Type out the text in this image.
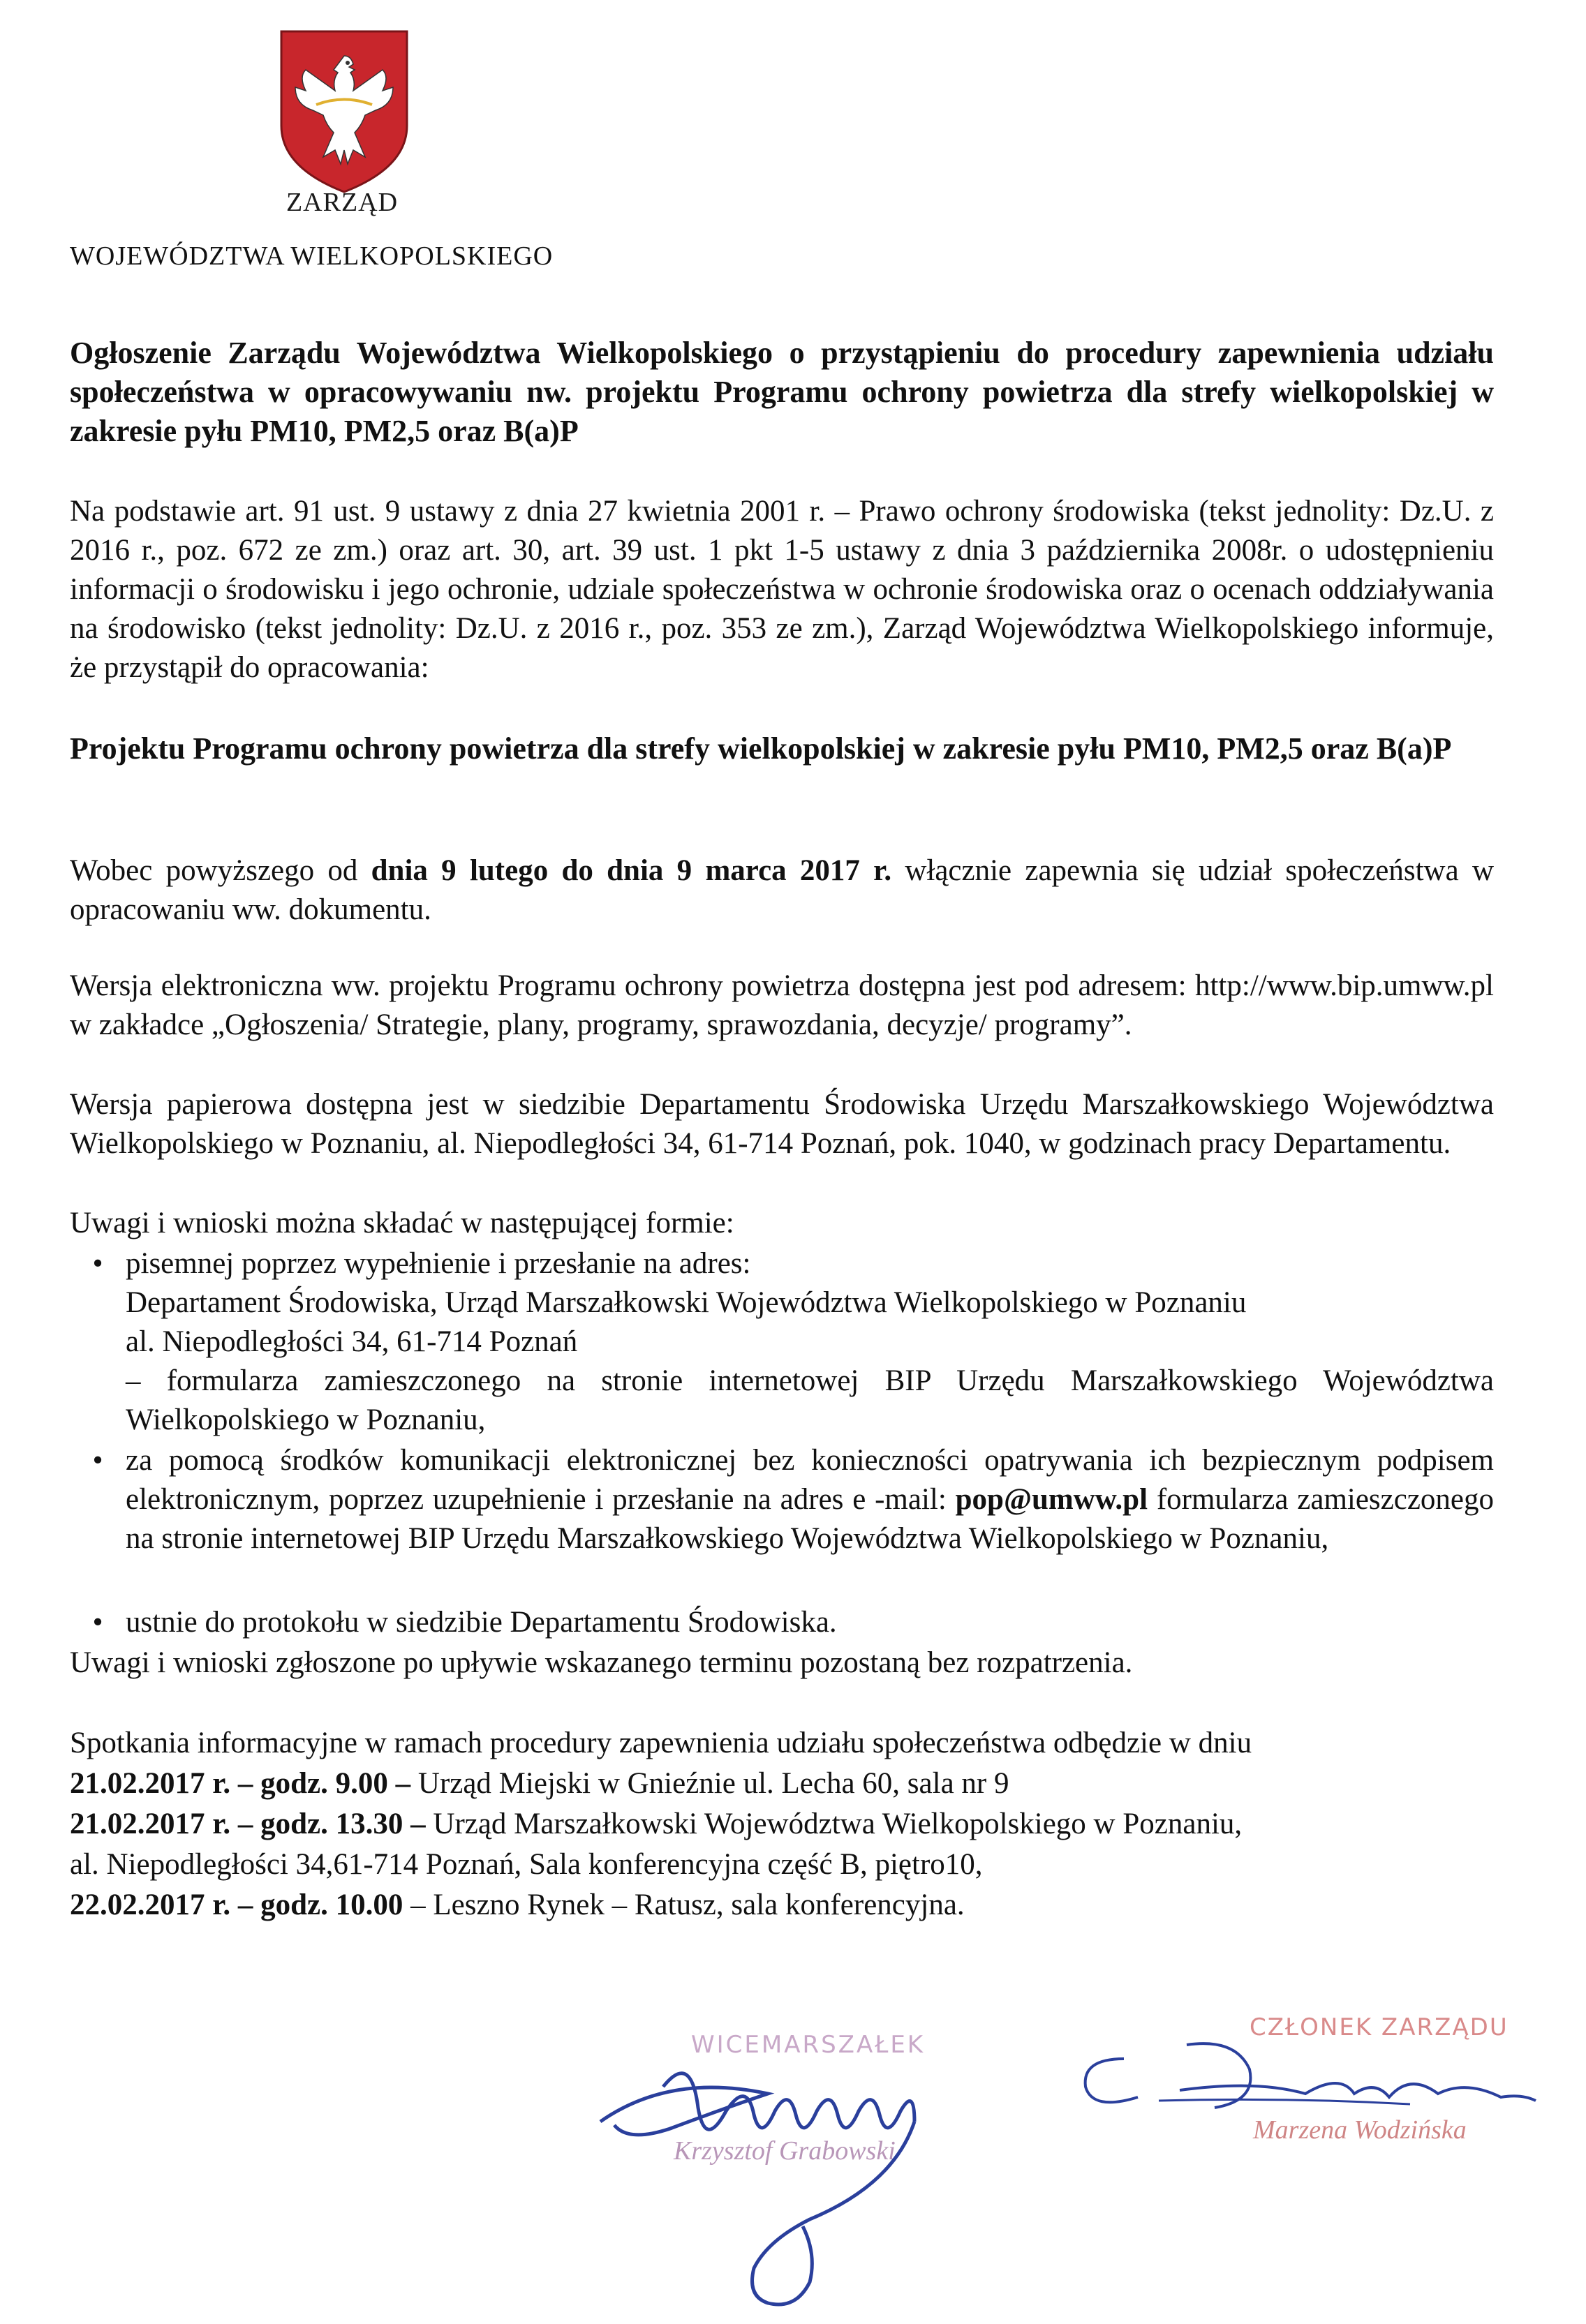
ZARZĄD
WOJEWÓDZTWA WIELKOPOLSKIEGO

Ogłoszenie Zarządu Województwa Wielkopolskiego o przystąpieniu do procedury zapewnienia udziału społeczeństwa w opracowywaniu nw. projektu Programu ochrony powietrza dla strefy wielkopolskiej w zakresie pyłu PM10, PM2,5 oraz B(a)P

Na podstawie art. 91 ust. 9 ustawy z dnia 27 kwietnia 2001 r. – Prawo ochrony środowiska (tekst jednolity: Dz.U. z 2016 r., poz. 672 ze zm.) oraz art. 30, art. 39 ust. 1 pkt 1-5 ustawy z dnia 3 października 2008r. o udostępnieniu informacji o środowisku i jego ochronie, udziale społeczeństwa w ochronie środowiska oraz o ocenach oddziaływania na środowisko (tekst jednolity: Dz.U. z 2016 r., poz. 353 ze zm.), Zarząd Województwa Wielkopolskiego informuje, że przystąpił do opracowania:

Projektu Programu ochrony powietrza dla strefy wielkopolskiej w zakresie pyłu PM10, PM2,5 oraz B(a)P

Wobec powyższego od dnia 9 lutego do dnia 9 marca 2017 r. włącznie zapewnia się udział społeczeństwa w opracowaniu ww. dokumentu.

Wersja elektroniczna ww. projektu Programu ochrony powietrza dostępna jest pod adresem: http://www.bip.umww.pl w zakładce „Ogłoszenia/ Strategie, plany, programy, sprawozdania, decyzje/ programy”.

Wersja papierowa dostępna jest w siedzibie Departamentu Środowiska Urzędu Marszałkowskiego Województwa Wielkopolskiego w Poznaniu, al. Niepodległości 34, 61-714 Poznań, pok. 1040, w godzinach pracy Departamentu.

Uwagi i wnioski można składać w następującej formie:

• pisemnej poprzez wypełnienie i przesłanie na adres:
Departament Środowiska, Urząd Marszałkowski Województwa Wielkopolskiego w Poznaniu
al. Niepodległości 34, 61-714 Poznań
– formularza zamieszczonego na stronie internetowej BIP Urzędu Marszałkowskiego Województwa Wielkopolskiego w Poznaniu,
• za pomocą środków komunikacji elektronicznej bez konieczności opatrywania ich bezpiecznym podpisem elektronicznym, poprzez uzupełnienie i przesłanie na adres e -mail: pop@umww.pl formularza zamieszczonego na stronie internetowej BIP Urzędu Marszałkowskiego Województwa Wielkopolskiego w Poznaniu,
• ustnie do protokołu w siedzibie Departamentu Środowiska.

Uwagi i wnioski zgłoszone po upływie wskazanego terminu pozostaną bez rozpatrzenia.

Spotkania informacyjne w ramach procedury zapewnienia udziału społeczeństwa odbędzie w dniu

21.02.2017 r. – godz. 9.00 – Urząd Miejski w Gnieźnie ul. Lecha 60, sala nr 9

21.02.2017 r. – godz. 13.30 – Urząd Marszałkowski Województwa Wielkopolskiego w Poznaniu,

al. Niepodległości 34,61-714 Poznań, Sala konferencyjna część B, piętro10,

22.02.2017 r. – godz. 10.00 – Leszno Rynek – Ratusz, sala konferencyjna.

WICEMARSZAŁEK
Krzysztof Grabowski
CZŁONEK ZARZĄDU
Marzena Wodzińska
